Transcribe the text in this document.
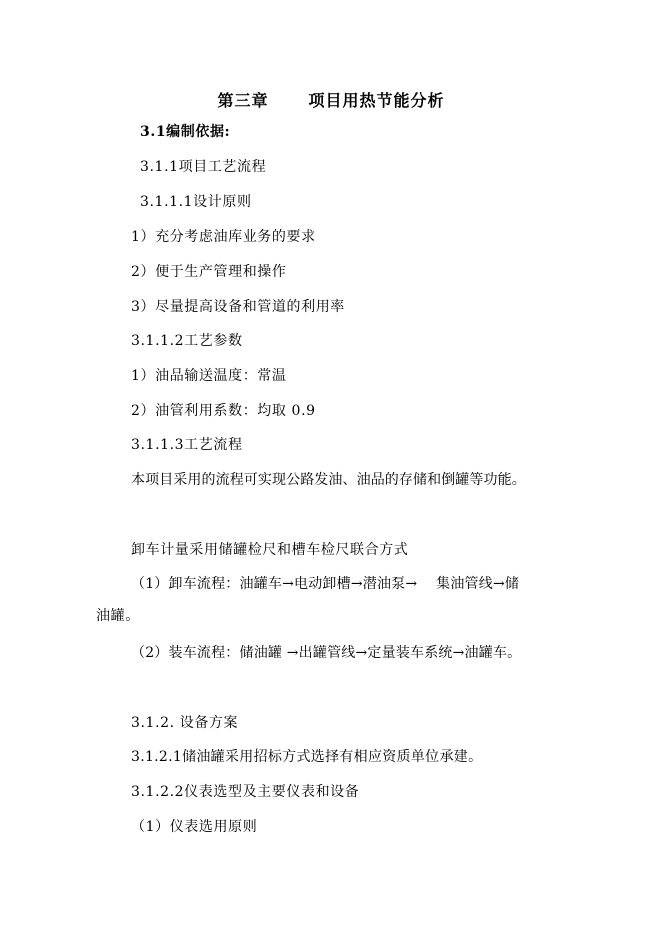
第三章	项目用热节能分析
3.1编制依据:
3.1.1项目工艺流程
3.1.1.1设计原则
1）充分考虑油库业务的要求
2）便于生产管理和操作
3）尽量提高设备和管道的利用率
3.1.1.2工艺参数
1）油品输送温度：常温
2）油管利用系数：均取 0.9
3.1.1.3工艺流程
本项目采用的流程可实现公路发油、油品的存储和倒罐等功能。
卸车计量采用储罐检尺和槽车检尺联合方式
（1）卸车流程：油罐车→电动卸槽→潜油泵→　 集油管线→储
油罐。
（2）装车流程：储油罐 →出罐管线→定量装车系统→油罐车。
3.1.2. 设备方案
3.1.2.1储油罐采用招标方式选择有相应资质单位承建。
3.1.2.2仪表选型及主要仪表和设备
（1）仪表选用原则
